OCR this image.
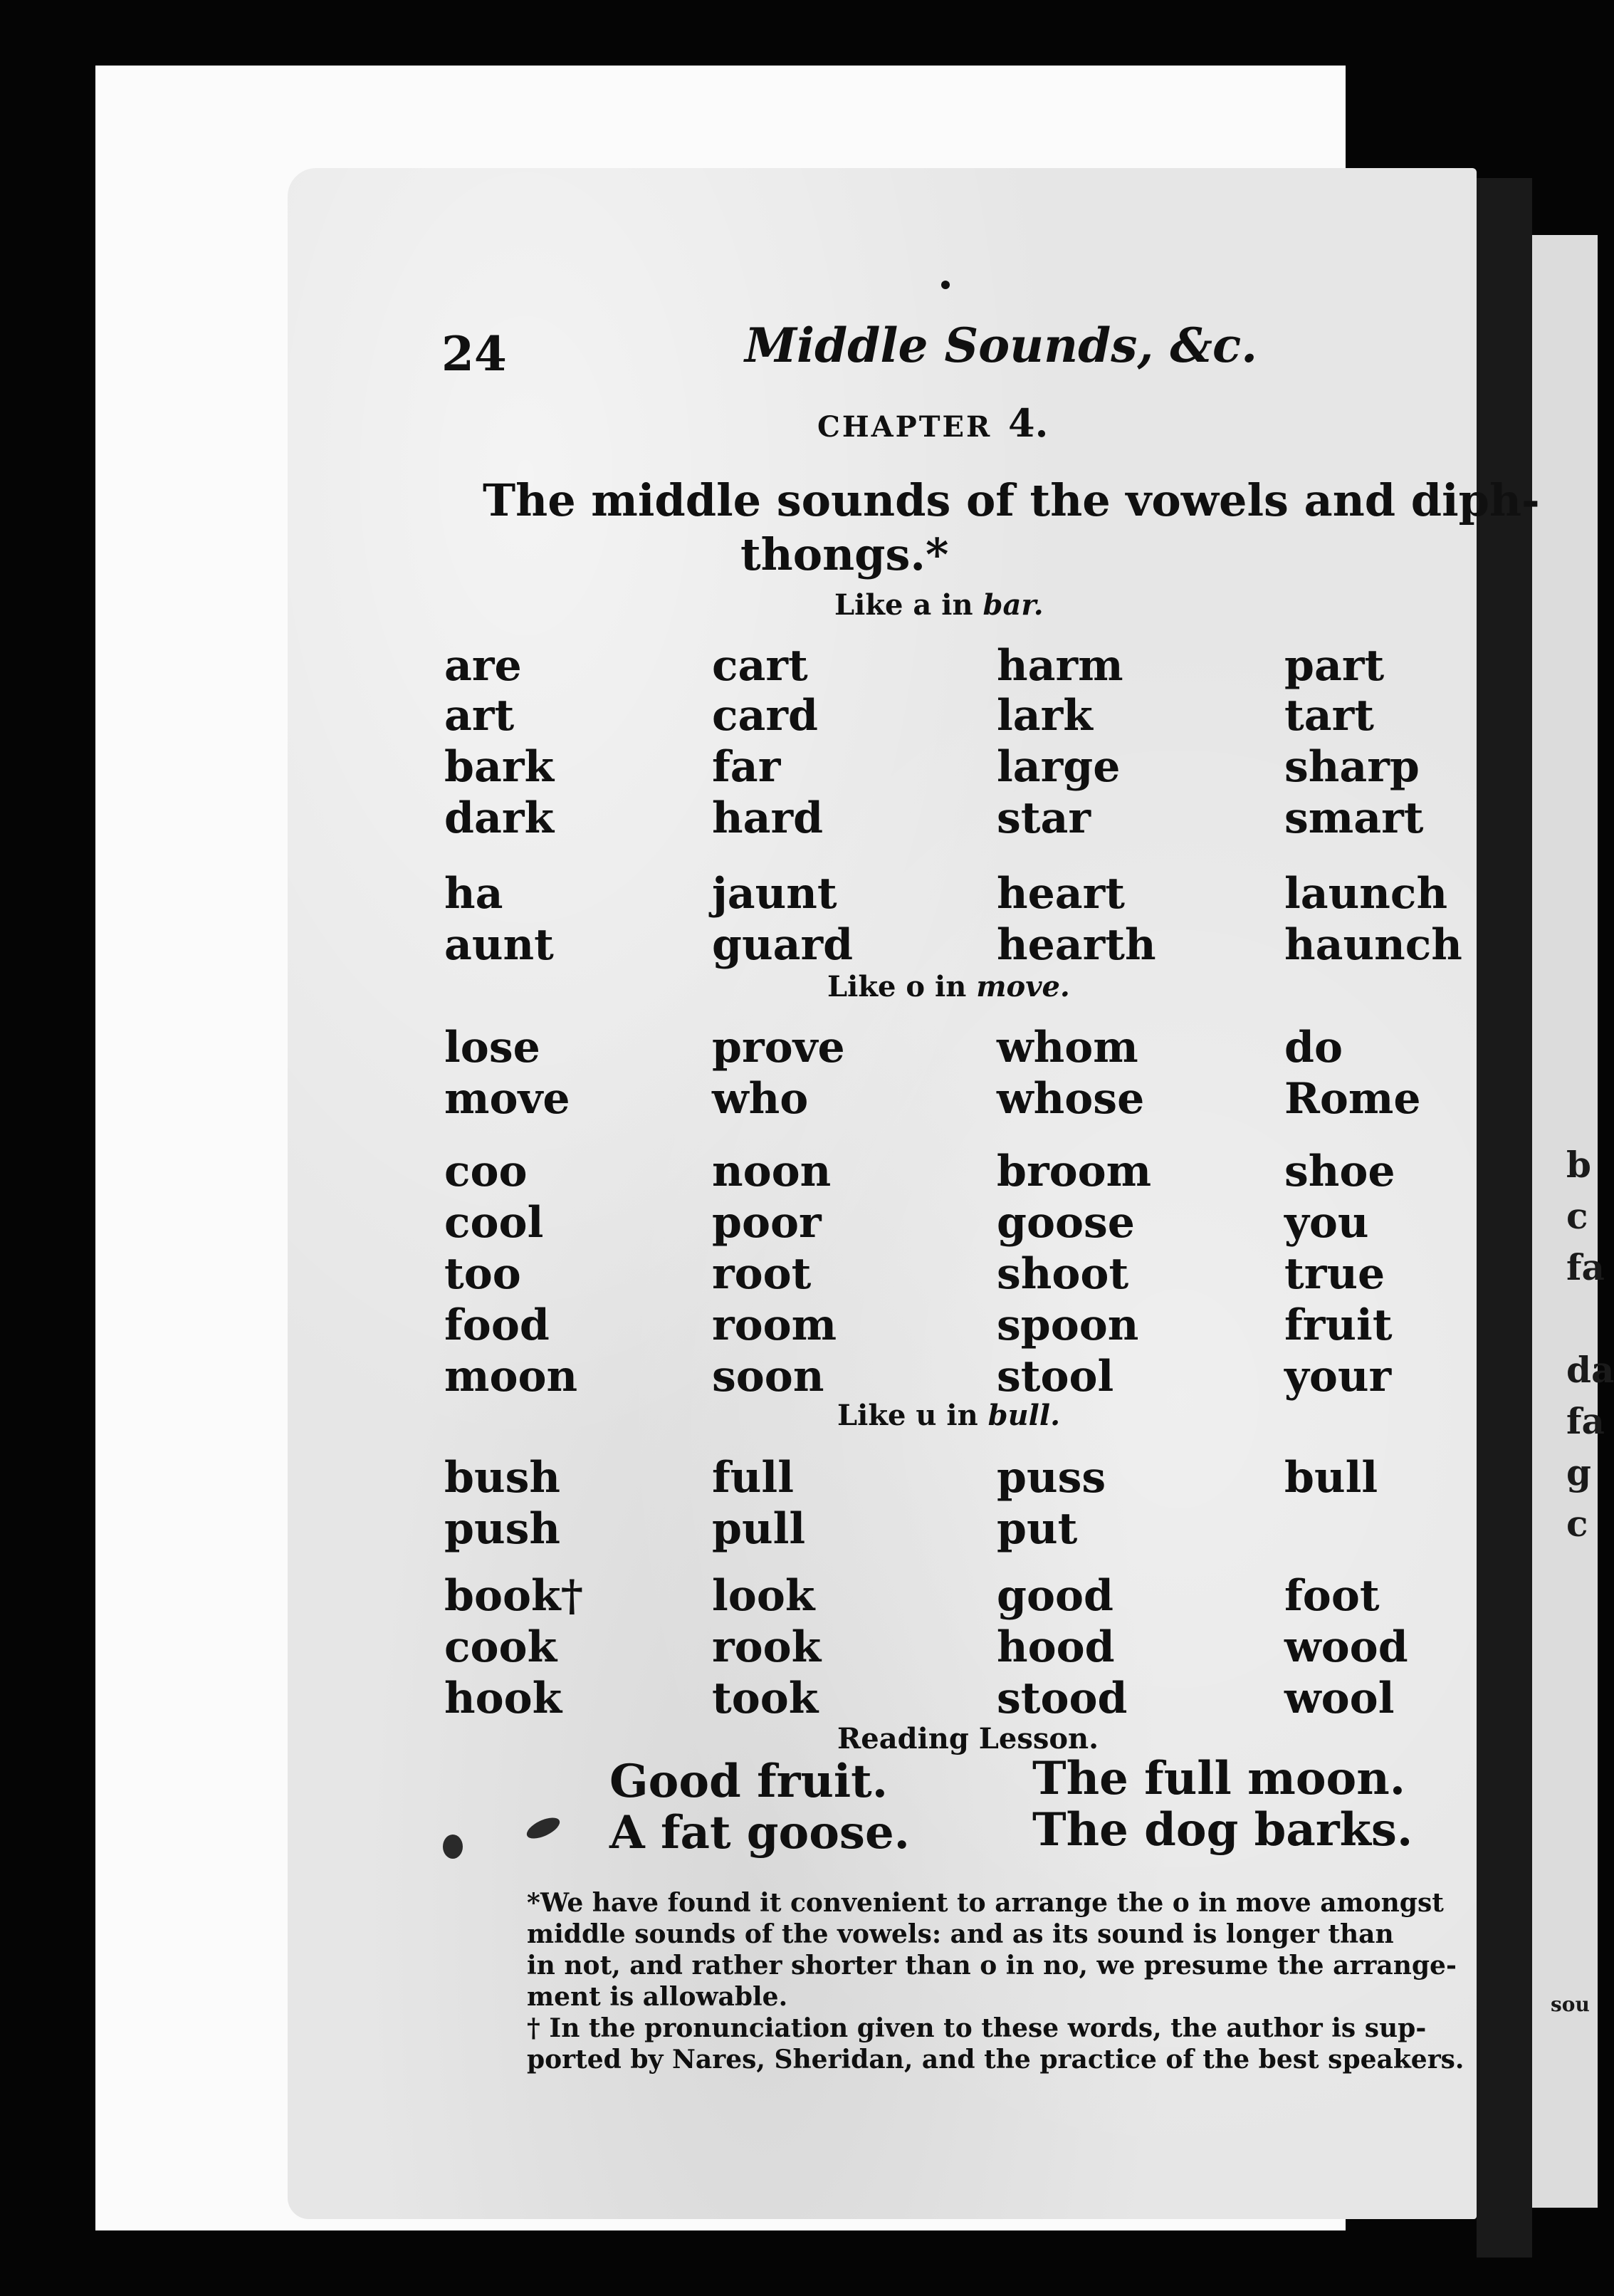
b
c
fa

da
fa
g
c
sou
24	Middle Sounds, &c.
CHAPTER 4.
The middle sounds of the vowels and diph-
thongs.*
Like a in bar.
are	cart	harm	part
art	card	lark	tart
bark	far	large	sharp
dark	hard	star	smart
ha	jaunt	heart	launch
aunt	guard	hearth	haunch
Like o in move.
lose	prove	whom	do
move	who	whose	Rome
coo	noon	broom	shoe
cool	poor	goose	you
too	root	shoot	true
food	room	spoon	fruit
moon	soon	stool	your
Like u in bull.
bush	full	puss	bull
push	pull	put
book†	look	good	foot
cook	rook	hood	wood
hook	took	stood	wool
Reading Lesson.
Good fruit.	The full moon.
A fat goose.	The dog barks.
*We have found it convenient to arrange the o in move amongst
middle sounds of the vowels: and as its sound is longer than
in not, and rather shorter than o in no, we presume the arrange-
ment is allowable.
† In the pronunciation given to these words, the author is sup-
ported by Nares, Sheridan, and the practice of the best speakers.
